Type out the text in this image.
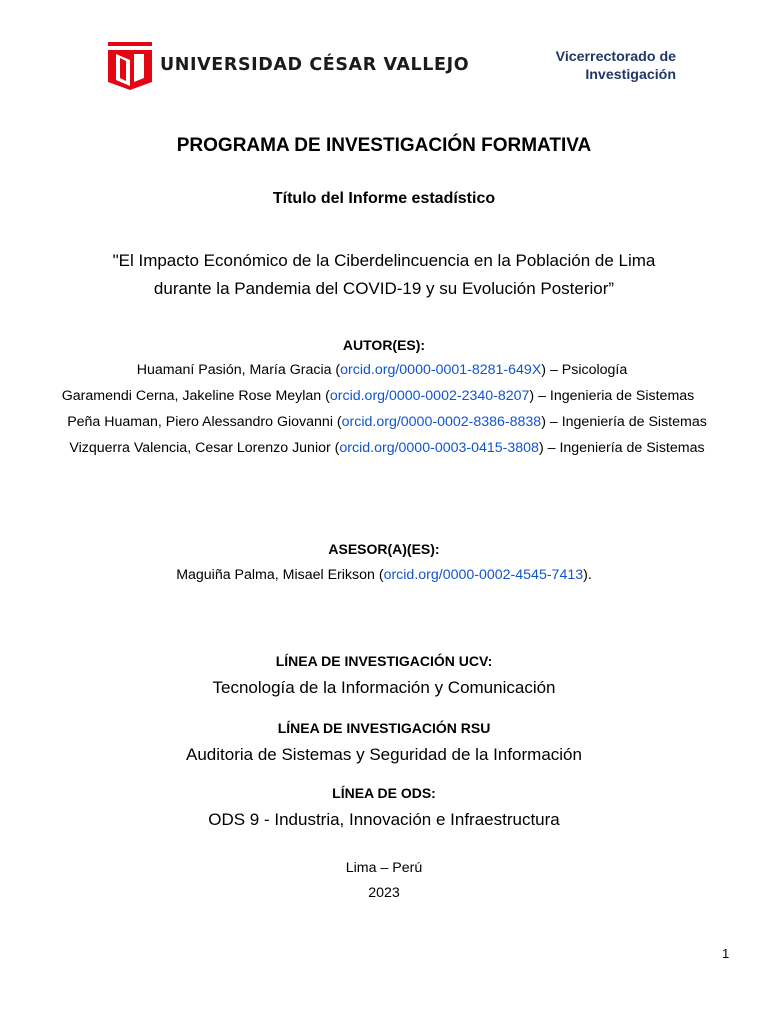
UNIVERSIDAD CÉSAR VALLEJO	Vicerrectorado de
Investigación
PROGRAMA DE INVESTIGACIÓN FORMATIVA
Título del Informe estadístico
"El Impacto Económico de la Ciberdelincuencia en la Población de Lima
durante la Pandemia del COVID-19 y su Evolución Posterior”
AUTOR(ES):
Huamaní Pasión, María Gracia (orcid.org/0000-0001-8281-649X) – Psicología
Garamendi Cerna, Jakeline Rose Meylan (orcid.org/0000-0002-2340-8207) – Ingenieria de Sistemas
Peña Huaman, Piero Alessandro Giovanni (orcid.org/0000-0002-8386-8838) – Ingeniería de Sistemas
Vizquerra Valencia, Cesar Lorenzo Junior (orcid.org/0000-0003-0415-3808) – Ingeniería de Sistemas
ASESOR(A)(ES):
Maguiña Palma, Misael Erikson (orcid.org/0000-0002-4545-7413).
LÍNEA DE INVESTIGACIÓN UCV:
Tecnología de la Información y Comunicación
LÍNEA DE INVESTIGACIÓN RSU
Auditoria de Sistemas y Seguridad de la Información
LÍNEA DE ODS:
ODS 9 - Industria, Innovación e Infraestructura
Lima – Perú
2023
1
